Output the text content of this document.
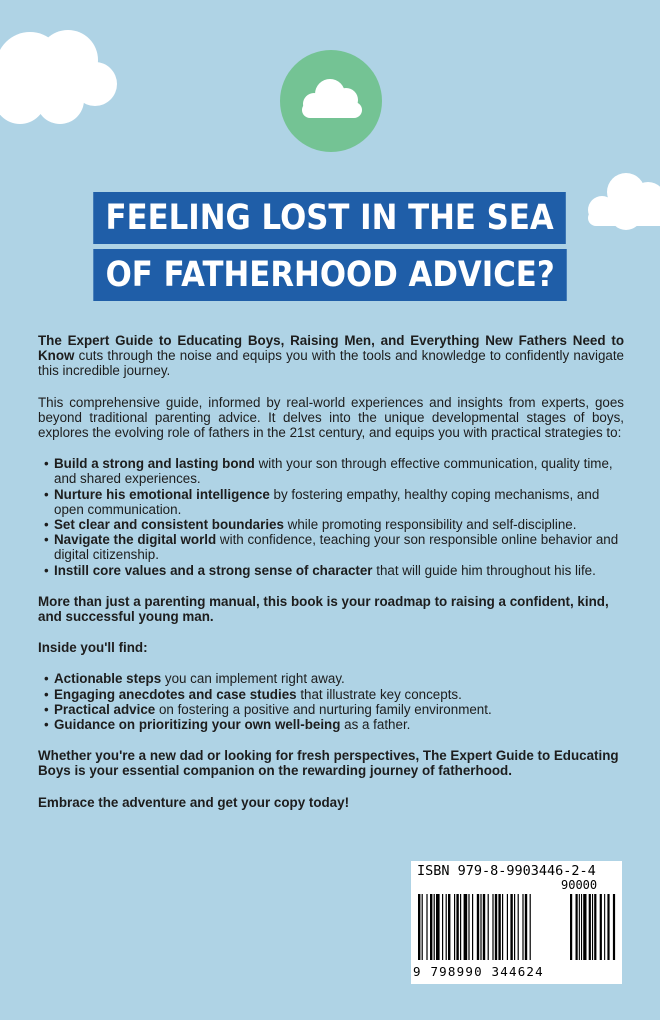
FEELING LOST IN THE SEA
OF FATHERHOOD ADVICE?

The Expert Guide to Educating Boys, Raising Men, and Everything New Fathers Need to Know cuts through the noise and equips you with the tools and knowledge to confidently navigate this incredible journey.

This comprehensive guide, informed by real-world experiences and insights from experts, goes beyond traditional parenting advice. It delves into the unique developmental stages of boys, explores the evolving role of fathers in the 21st century, and equips you with practical strategies to:

• Build a strong and lasting bond with your son through effective communication, quality time, and shared experiences.
• Nurture his emotional intelligence by fostering empathy, healthy coping mechanisms, and open communication.
• Set clear and consistent boundaries while promoting responsibility and self-discipline.
• Navigate the digital world with confidence, teaching your son responsible online behavior and digital citizenship.
• Instill core values and a strong sense of character that will guide him throughout his life.

More than just a parenting manual, this book is your roadmap to raising a confident, kind, and successful young man.

Inside you'll find:

• Actionable steps you can implement right away.
• Engaging anecdotes and case studies that illustrate key concepts.
• Practical advice on fostering a positive and nurturing family environment.
• Guidance on prioritizing your own well-being as a father.

Whether you're a new dad or looking for fresh perspectives, The Expert Guide to Educating Boys is your essential companion on the rewarding journey of fatherhood.

Embrace the adventure and get your copy today!

ISBN 979-8-9903446-2-4
90000
9 798990 344624
